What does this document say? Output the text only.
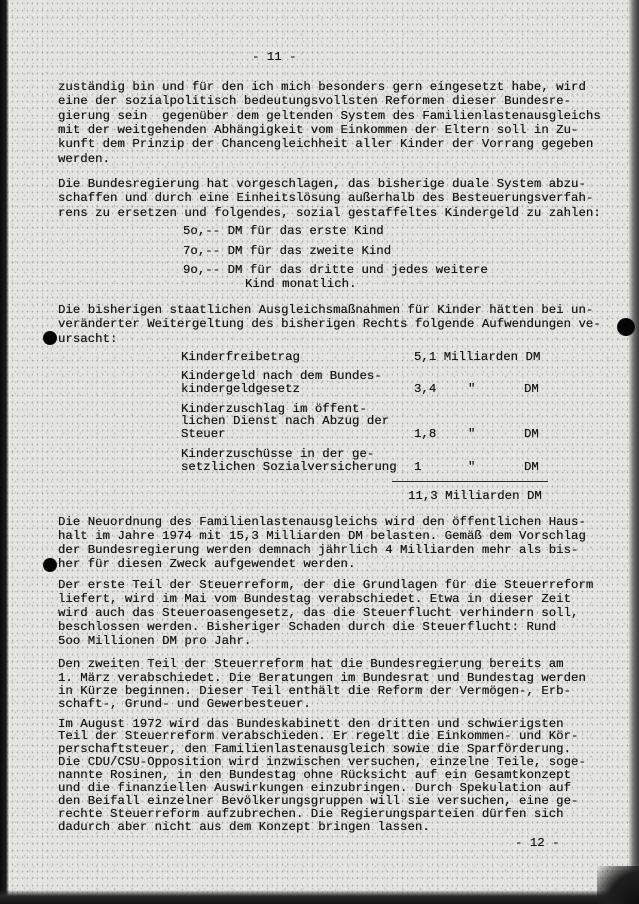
- 11 -
zuständig bin und für den ich mich besonders gern eingesetzt habe, wird
eine der sozialpolitisch bedeutungsvollsten Reformen dieser Bundesre-
gierung sein  gegenüber dem geltenden System des Familienlastenausgleichs
mit der weitgehenden Abhängigkeit vom Einkommen der Eltern soll in Zu-
kunft dem Prinzip der Chancengleichheit aller Kinder der Vorrang gegeben
werden.
Die Bundesregierung hat vorgeschlagen, das bisherige duale System abzu-
schaffen und durch eine Einheitslösung außerhalb des Besteuerungsverfah-
rens zu ersetzen und folgendes, sozial gestaffeltes Kindergeld zu zahlen:
5o,-- DM für das erste Kind
7o,-- DM für das zweite Kind
9o,-- DM für das dritte und jedes weitere
Kind monatlich.
Die bisherigen staatlichen Ausgleichsmaßnahmen für Kinder hätten bei un-
veränderter Weitergeltung des bisherigen Rechts folgende Aufwendungen ve-
ursacht:
Kinderfreibetrag	5,1 Milliarden DM
Kindergeld nach dem Bundes-
kindergeldgesetz	3,4	"	DM
Kinderzuschlag im öffent-
lichen Dienst nach Abzug der
Steuer	1,8	"	DM
Kinderzuschüsse in der ge-
setzlichen Sozialversicherung	1	"	DM
11,3 Milliarden DM
Die Neuordnung des Familienlastenausgleichs wird den öffentlichen Haus-
halt im Jahre 1974 mit 15,3 Milliarden DM belasten. Gemäß dem Vorschlag
der Bundesregierung werden demnach jährlich 4 Milliarden mehr als bis-
her für diesen Zweck aufgewendet werden.
Der erste Teil der Steuerreform, der die Grundlagen für die Steuerreform
liefert, wird im Mai vom Bundestag verabschiedet. Etwa in dieser Zeit
wird auch das Steueroasengesetz, das die Steuerflucht verhindern soll,
beschlossen werden. Bisheriger Schaden durch die Steuerflucht: Rund
5oo Millionen DM pro Jahr.
Den zweiten Teil der Steuerreform hat die Bundesregierung bereits am
1. März verabschiedet. Die Beratungen im Bundesrat und Bundestag werden
in Kürze beginnen. Dieser Teil enthält die Reform der Vermögen-, Erb-
schaft-, Grund- und Gewerbesteuer.
Im August 1972 wird das Bundeskabinett den dritten und schwierigsten
Teil der Steuerreform verabschieden. Er regelt die Einkommen- und Kör-
perschaftsteuer, den Familienlastenausgleich sowie die Sparförderung.
Die CDU/CSU-Opposition wird inzwischen versuchen, einzelne Teile, soge-
nannte Rosinen, in den Bundestag ohne Rücksicht auf ein Gesamtkonzept
und die finanziellen Auswirkungen einzubringen. Durch Spekulation auf
den Beifall einzelner Bevölkerungsgruppen will sie versuchen, eine ge-
rechte Steuerreform aufzubrechen. Die Regierungsparteien dürfen sich
dadurch aber nicht aus dem Konzept bringen lassen.
- 12 -
